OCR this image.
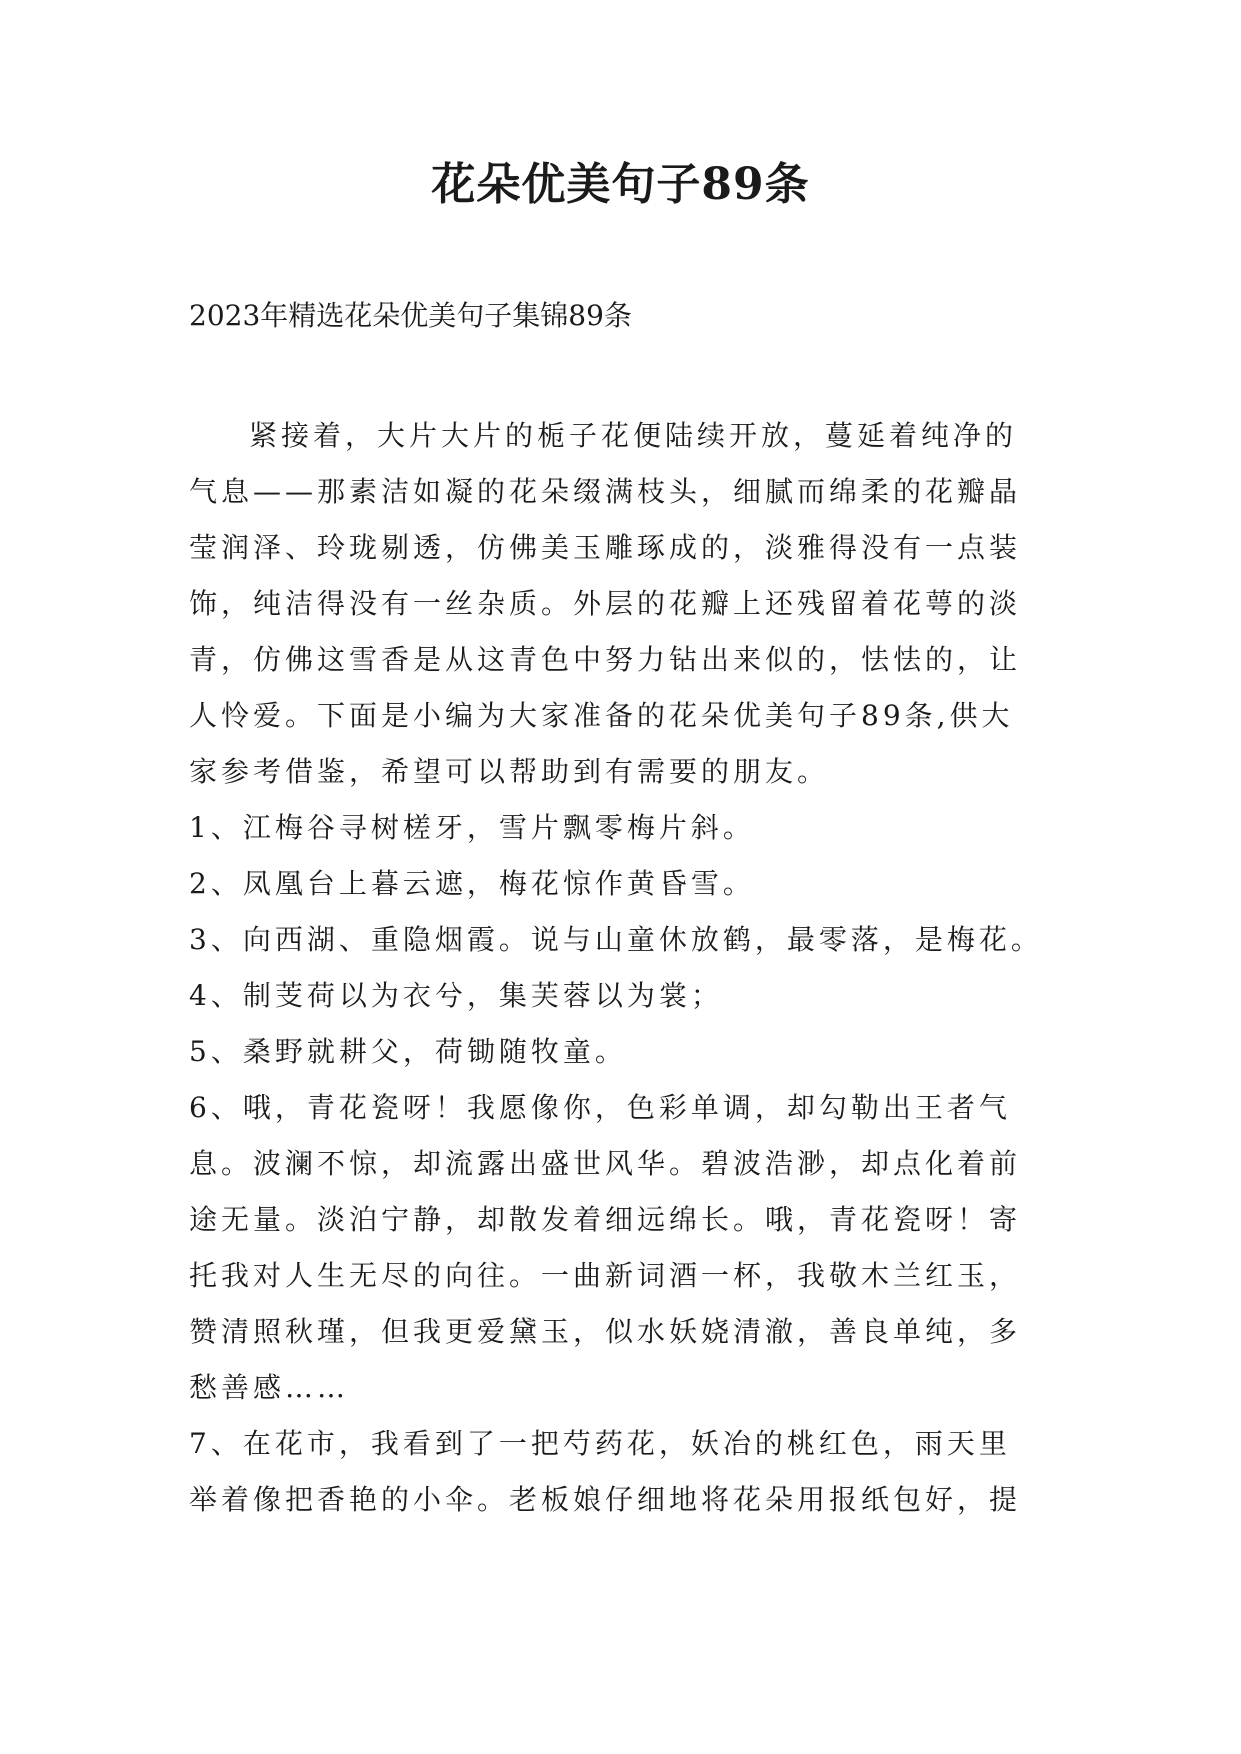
花朵优美句子89条
2023年精选花朵优美句子集锦89条
紧接着，大片大片的栀子花便陆续开放，蔓延着纯净的
气息——那素洁如凝的花朵缀满枝头，细腻而绵柔的花瓣晶
莹润泽、玲珑剔透，仿佛美玉雕琢成的，淡雅得没有一点装
饰，纯洁得没有一丝杂质。外层的花瓣上还残留着花萼的淡
青，仿佛这雪香是从这青色中努力钻出来似的，怯怯的，让
人怜爱。下面是小编为大家准备的花朵优美句子89条,供大
家参考借鉴，希望可以帮助到有需要的朋友。
1、江梅谷寻树槎牙，雪片飘零梅片斜。
2、凤凰台上暮云遮，梅花惊作黄昏雪。
3、向西湖、重隐烟霞。说与山童休放鹤，最零落，是梅花。
4、制芰荷以为衣兮，集芙蓉以为裳；
5、桑野就耕父，荷锄随牧童。
6、哦，青花瓷呀！我愿像你，色彩单调，却勾勒出王者气
息。波澜不惊，却流露出盛世风华。碧波浩渺，却点化着前
途无量。淡泊宁静，却散发着细远绵长。哦，青花瓷呀！寄
托我对人生无尽的向往。一曲新词酒一杯，我敬木兰红玉，
赞清照秋瑾，但我更爱黛玉，似水妖娆清澈，善良单纯，多
愁善感……
7、在花市，我看到了一把芍药花，妖冶的桃红色，雨天里
举着像把香艳的小伞。老板娘仔细地将花朵用报纸包好，提
